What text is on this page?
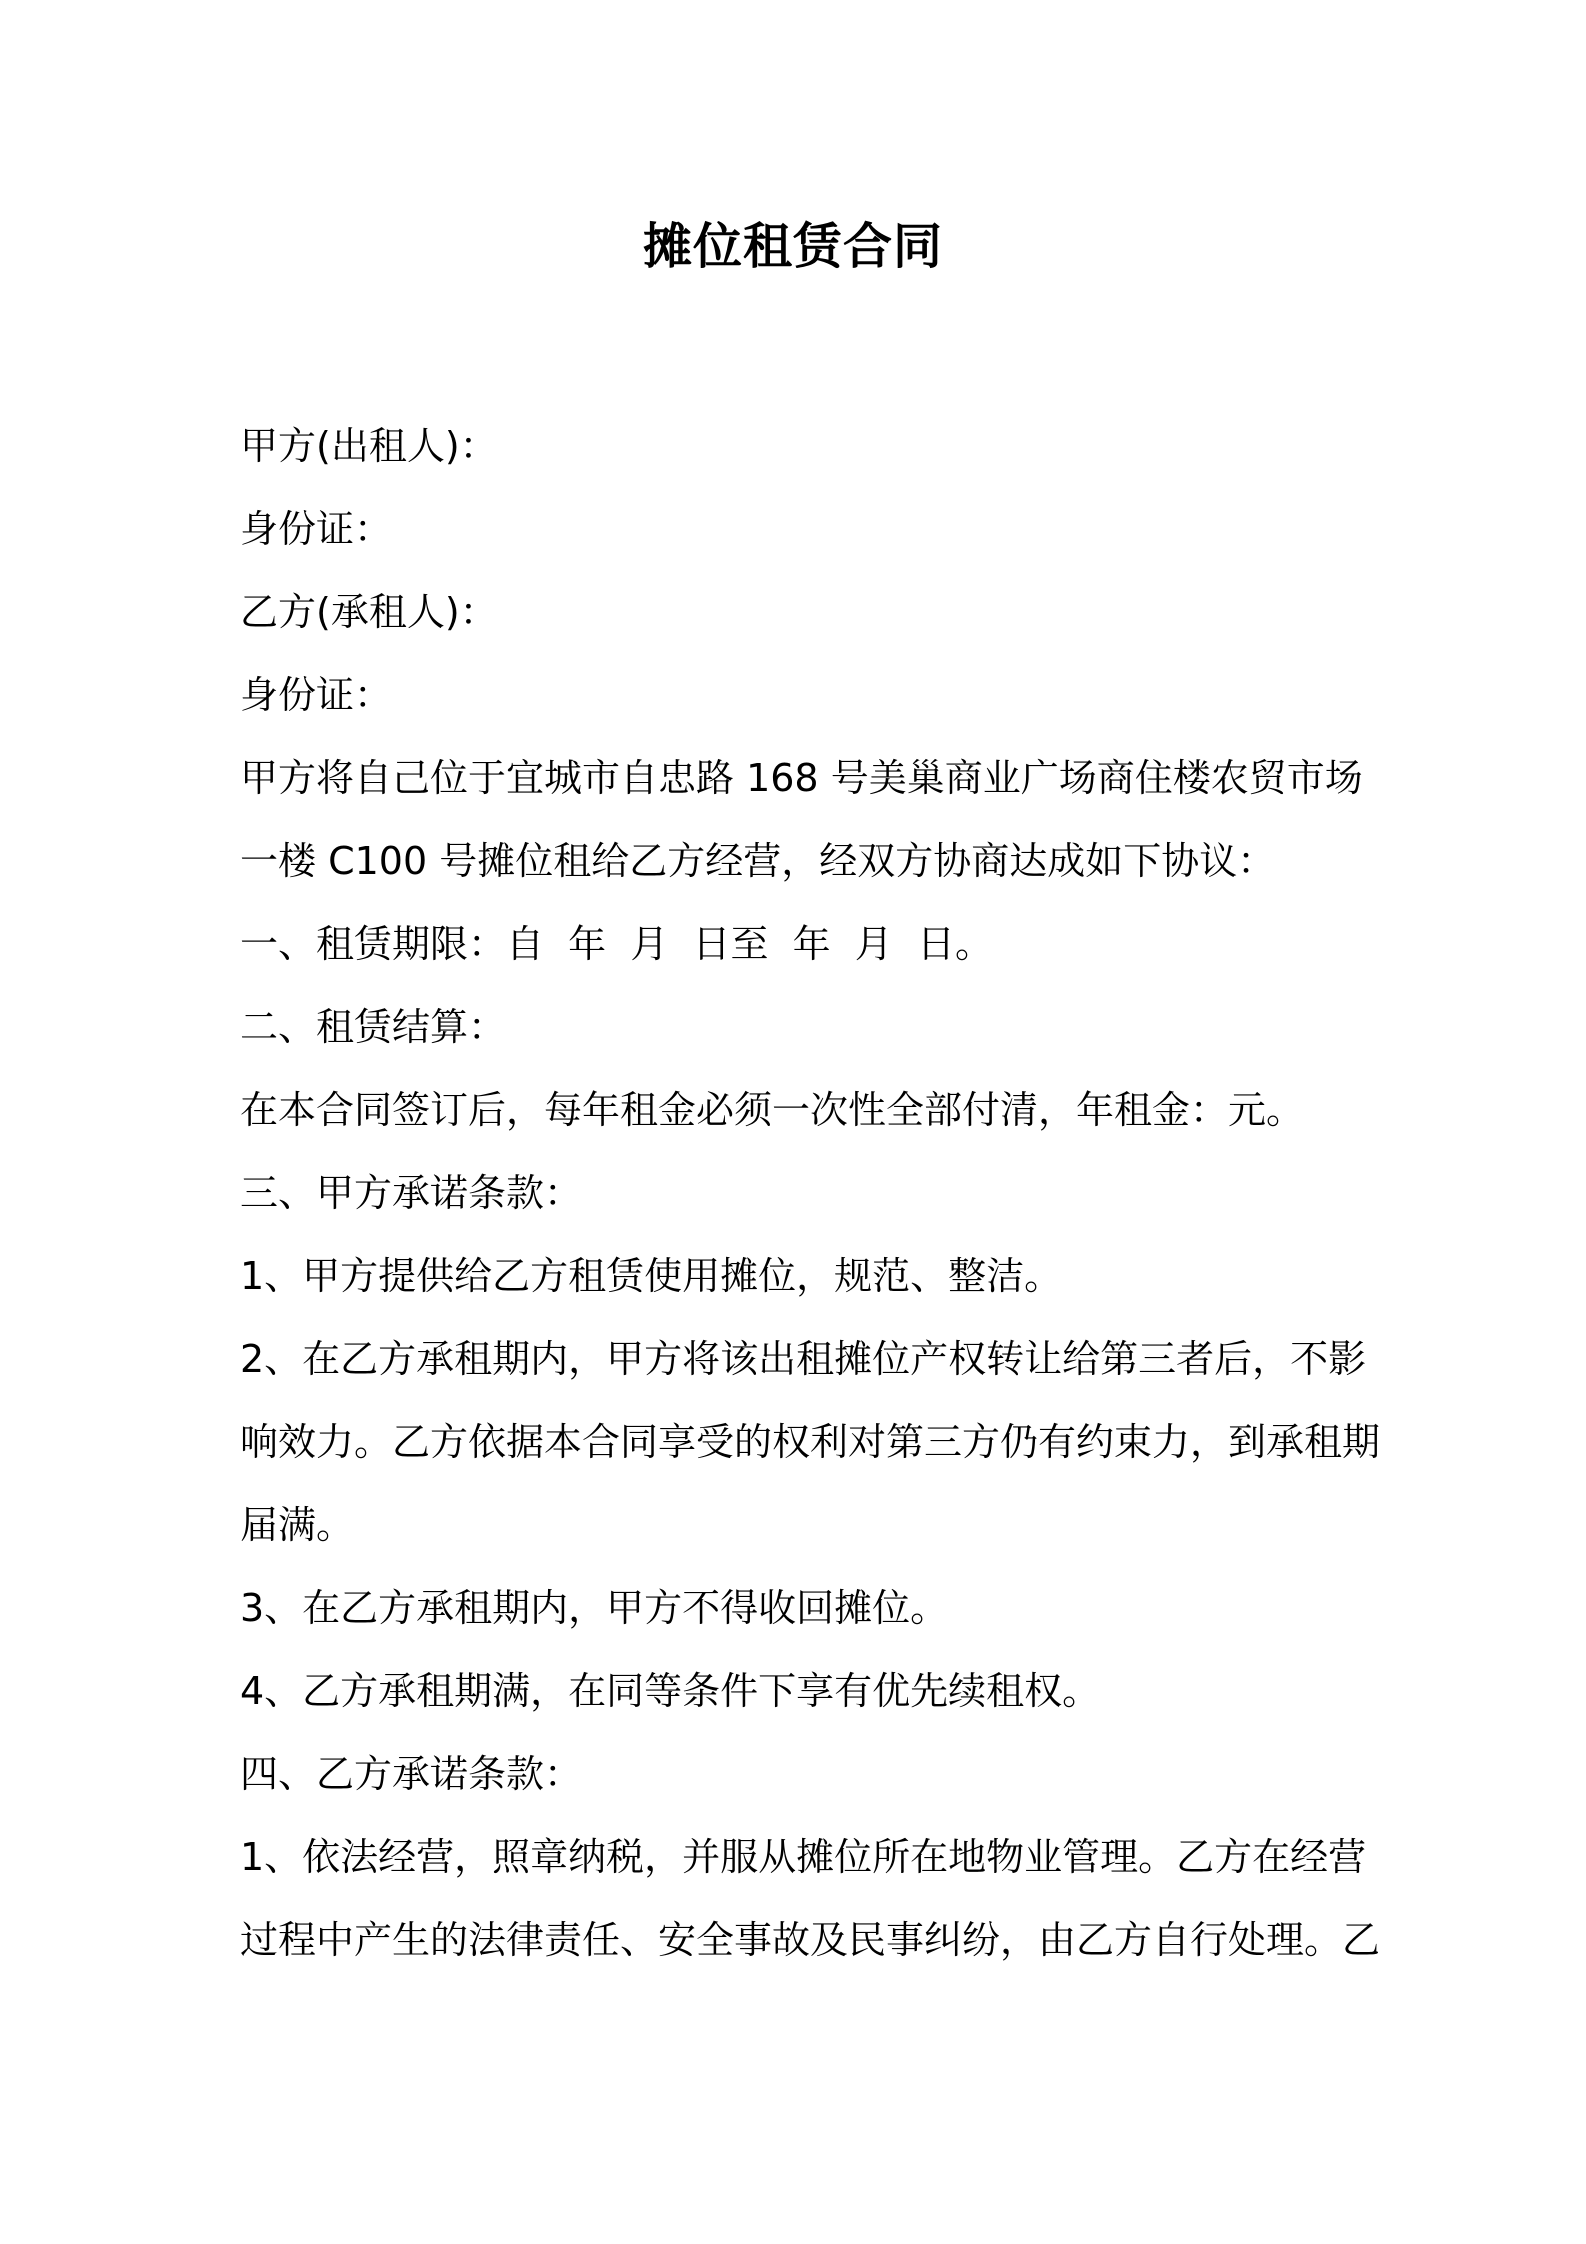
摊位租赁合同
甲方(出租人)：
身份证：
乙方(承租人)：
身份证：
甲方将自己位于宜城市自忠路 168 号美巢商业广场商住楼农贸市场
一楼 C100 号摊位租给乙方经营，经双方协商达成如下协议：
一、租赁期限：自  年  月  日至  年  月  日。
二、租赁结算：
在本合同签订后，每年租金必须一次性全部付清，年租金：元。
三、甲方承诺条款：
1、甲方提供给乙方租赁使用摊位，规范、整洁。
2、在乙方承租期内，甲方将该出租摊位产权转让给第三者后，不影
响效力。乙方依据本合同享受的权利对第三方仍有约束力，到承租期
届满。
3、在乙方承租期内，甲方不得收回摊位。
4、乙方承租期满，在同等条件下享有优先续租权。
四、乙方承诺条款：
1、依法经营，照章纳税，并服从摊位所在地物业管理。乙方在经营
过程中产生的法律责任、安全事故及民事纠纷，由乙方自行处理。乙
